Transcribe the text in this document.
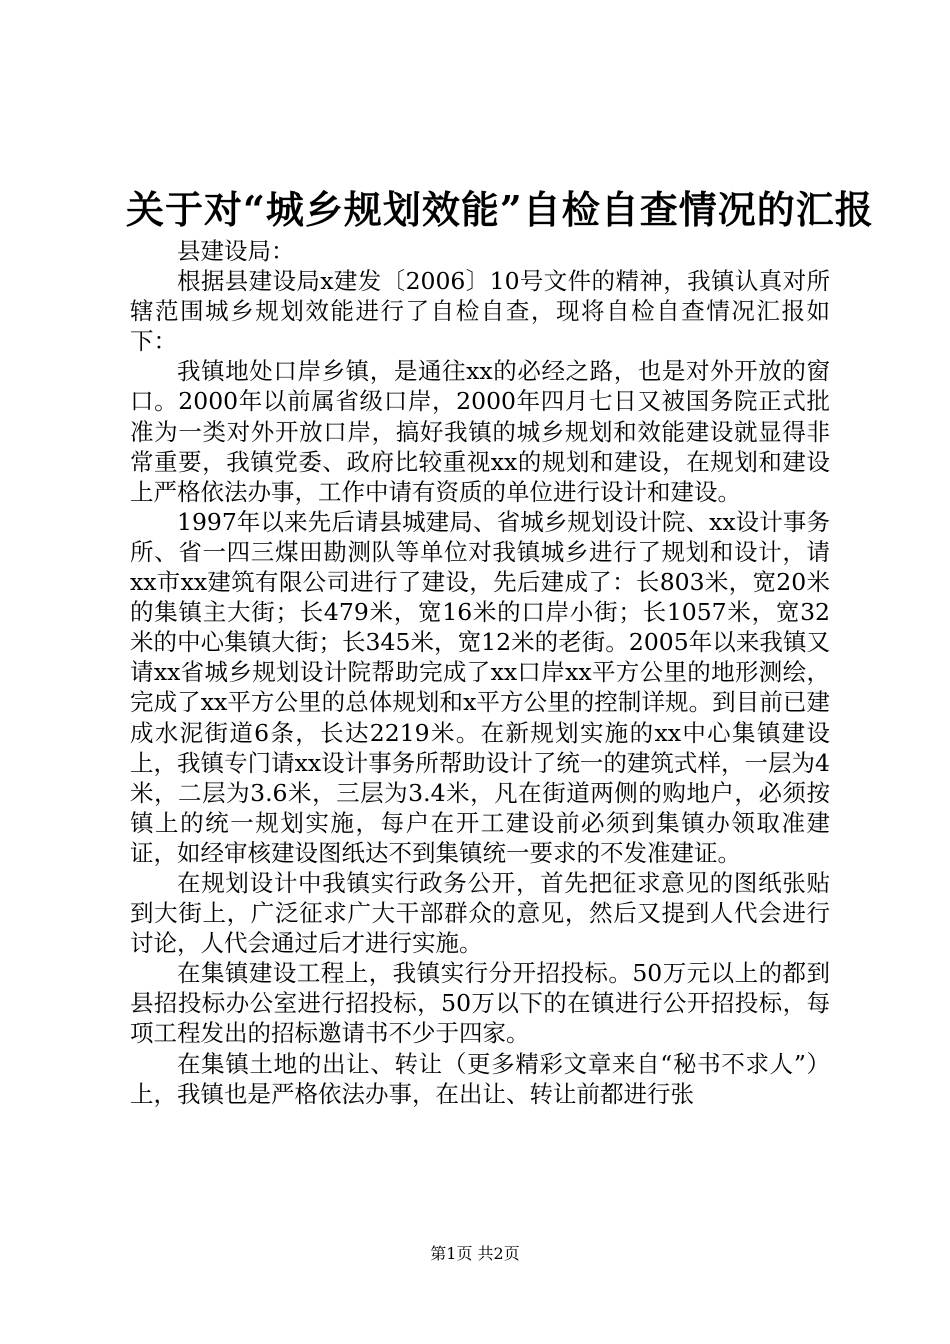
关于对“城乡规划效能”自检自查情况的汇报

县建设局：

根据县建设局x建发〔2006〕10号文件的精神，我镇认真对所辖范围城乡规划效能进行了自检自查，现将自检自查情况汇报如下：

我镇地处口岸乡镇，是通往xx的必经之路，也是对外开放的窗口。2000年以前属省级口岸，2000年四月七日又被国务院正式批准为一类对外开放口岸，搞好我镇的城乡规划和效能建设就显得非常重要，我镇党委、政府比较重视xx的规划和建设，在规划和建设上严格依法办事，工作中请有资质的单位进行设计和建设。

1997年以来先后请县城建局、省城乡规划设计院、xx设计事务所、省一四三煤田勘测队等单位对我镇城乡进行了规划和设计，请xx市xx建筑有限公司进行了建设，先后建成了：长803米，宽20米的集镇主大街；长479米，宽16米的口岸小街；长1057米，宽32米的中心集镇大街；长345米，宽12米的老街。2005年以来我镇又请xx省城乡规划设计院帮助完成了xx口岸xx平方公里的地形测绘，完成了xx平方公里的总体规划和x平方公里的控制详规。到目前已建成水泥街道6条，长达2219米。在新规划实施的xx中心集镇建设上，我镇专门请xx设计事务所帮助设计了统一的建筑式样，一层为4米，二层为3.6米，三层为3.4米，凡在街道两侧的购地户，必须按镇上的统一规划实施，每户在开工建设前必须到集镇办领取准建证，如经审核建设图纸达不到集镇统一要求的不发准建证。

在规划设计中我镇实行政务公开，首先把征求意见的图纸张贴到大街上，广泛征求广大干部群众的意见，然后又提到人代会进行讨论，人代会通过后才进行实施。

在集镇建设工程上，我镇实行分开招投标。50万元以上的都到县招投标办公室进行招投标，50万以下的在镇进行公开招投标，每项工程发出的招标邀请书不少于四家。

在集镇土地的出让、转让（更多精彩文章来自“秘书不求人”）上，我镇也是严格依法办事，在出让、转让前都进行张

第1页 共2页
